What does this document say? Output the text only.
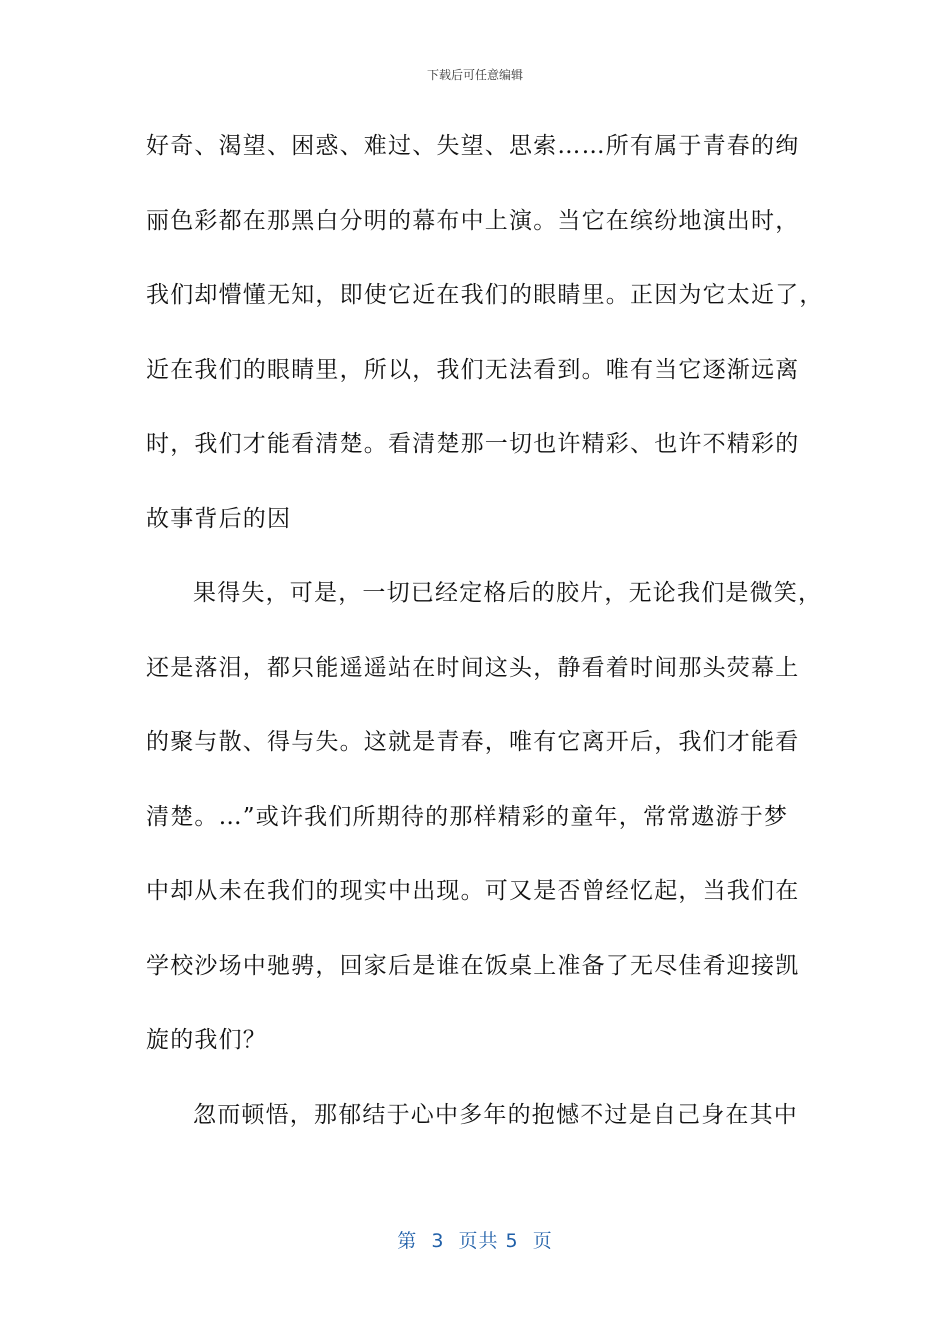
下载后可任意编辑
好奇、渴望、困惑、难过、失望、思索……所有属于青春的绚
丽色彩都在那黑白分明的幕布中上演。当它在缤纷地演出时，
我们却懵懂无知，即使它近在我们的眼睛里。正因为它太近了，
近在我们的眼睛里，所以，我们无法看到。唯有当它逐渐远离
时，我们才能看清楚。看清楚那一切也许精彩、也许不精彩的
故事背后的因
果得失，可是，一切已经定格后的胶片，无论我们是微笑，
还是落泪，都只能遥遥站在时间这头，静看着时间那头荧幕上
的聚与散、得与失。这就是青春，唯有它离开后，我们才能看
清楚。…”或许我们所期待的那样精彩的童年，常常遨游于梦
中却从未在我们的现实中出现。可又是否曾经忆起，当我们在
学校沙场中驰骋，回家后是谁在饭桌上准备了无尽佳肴迎接凯
旋的我们？
忽而顿悟，那郁结于心中多年的抱憾不过是自己身在其中
第  3  页共 5  页
